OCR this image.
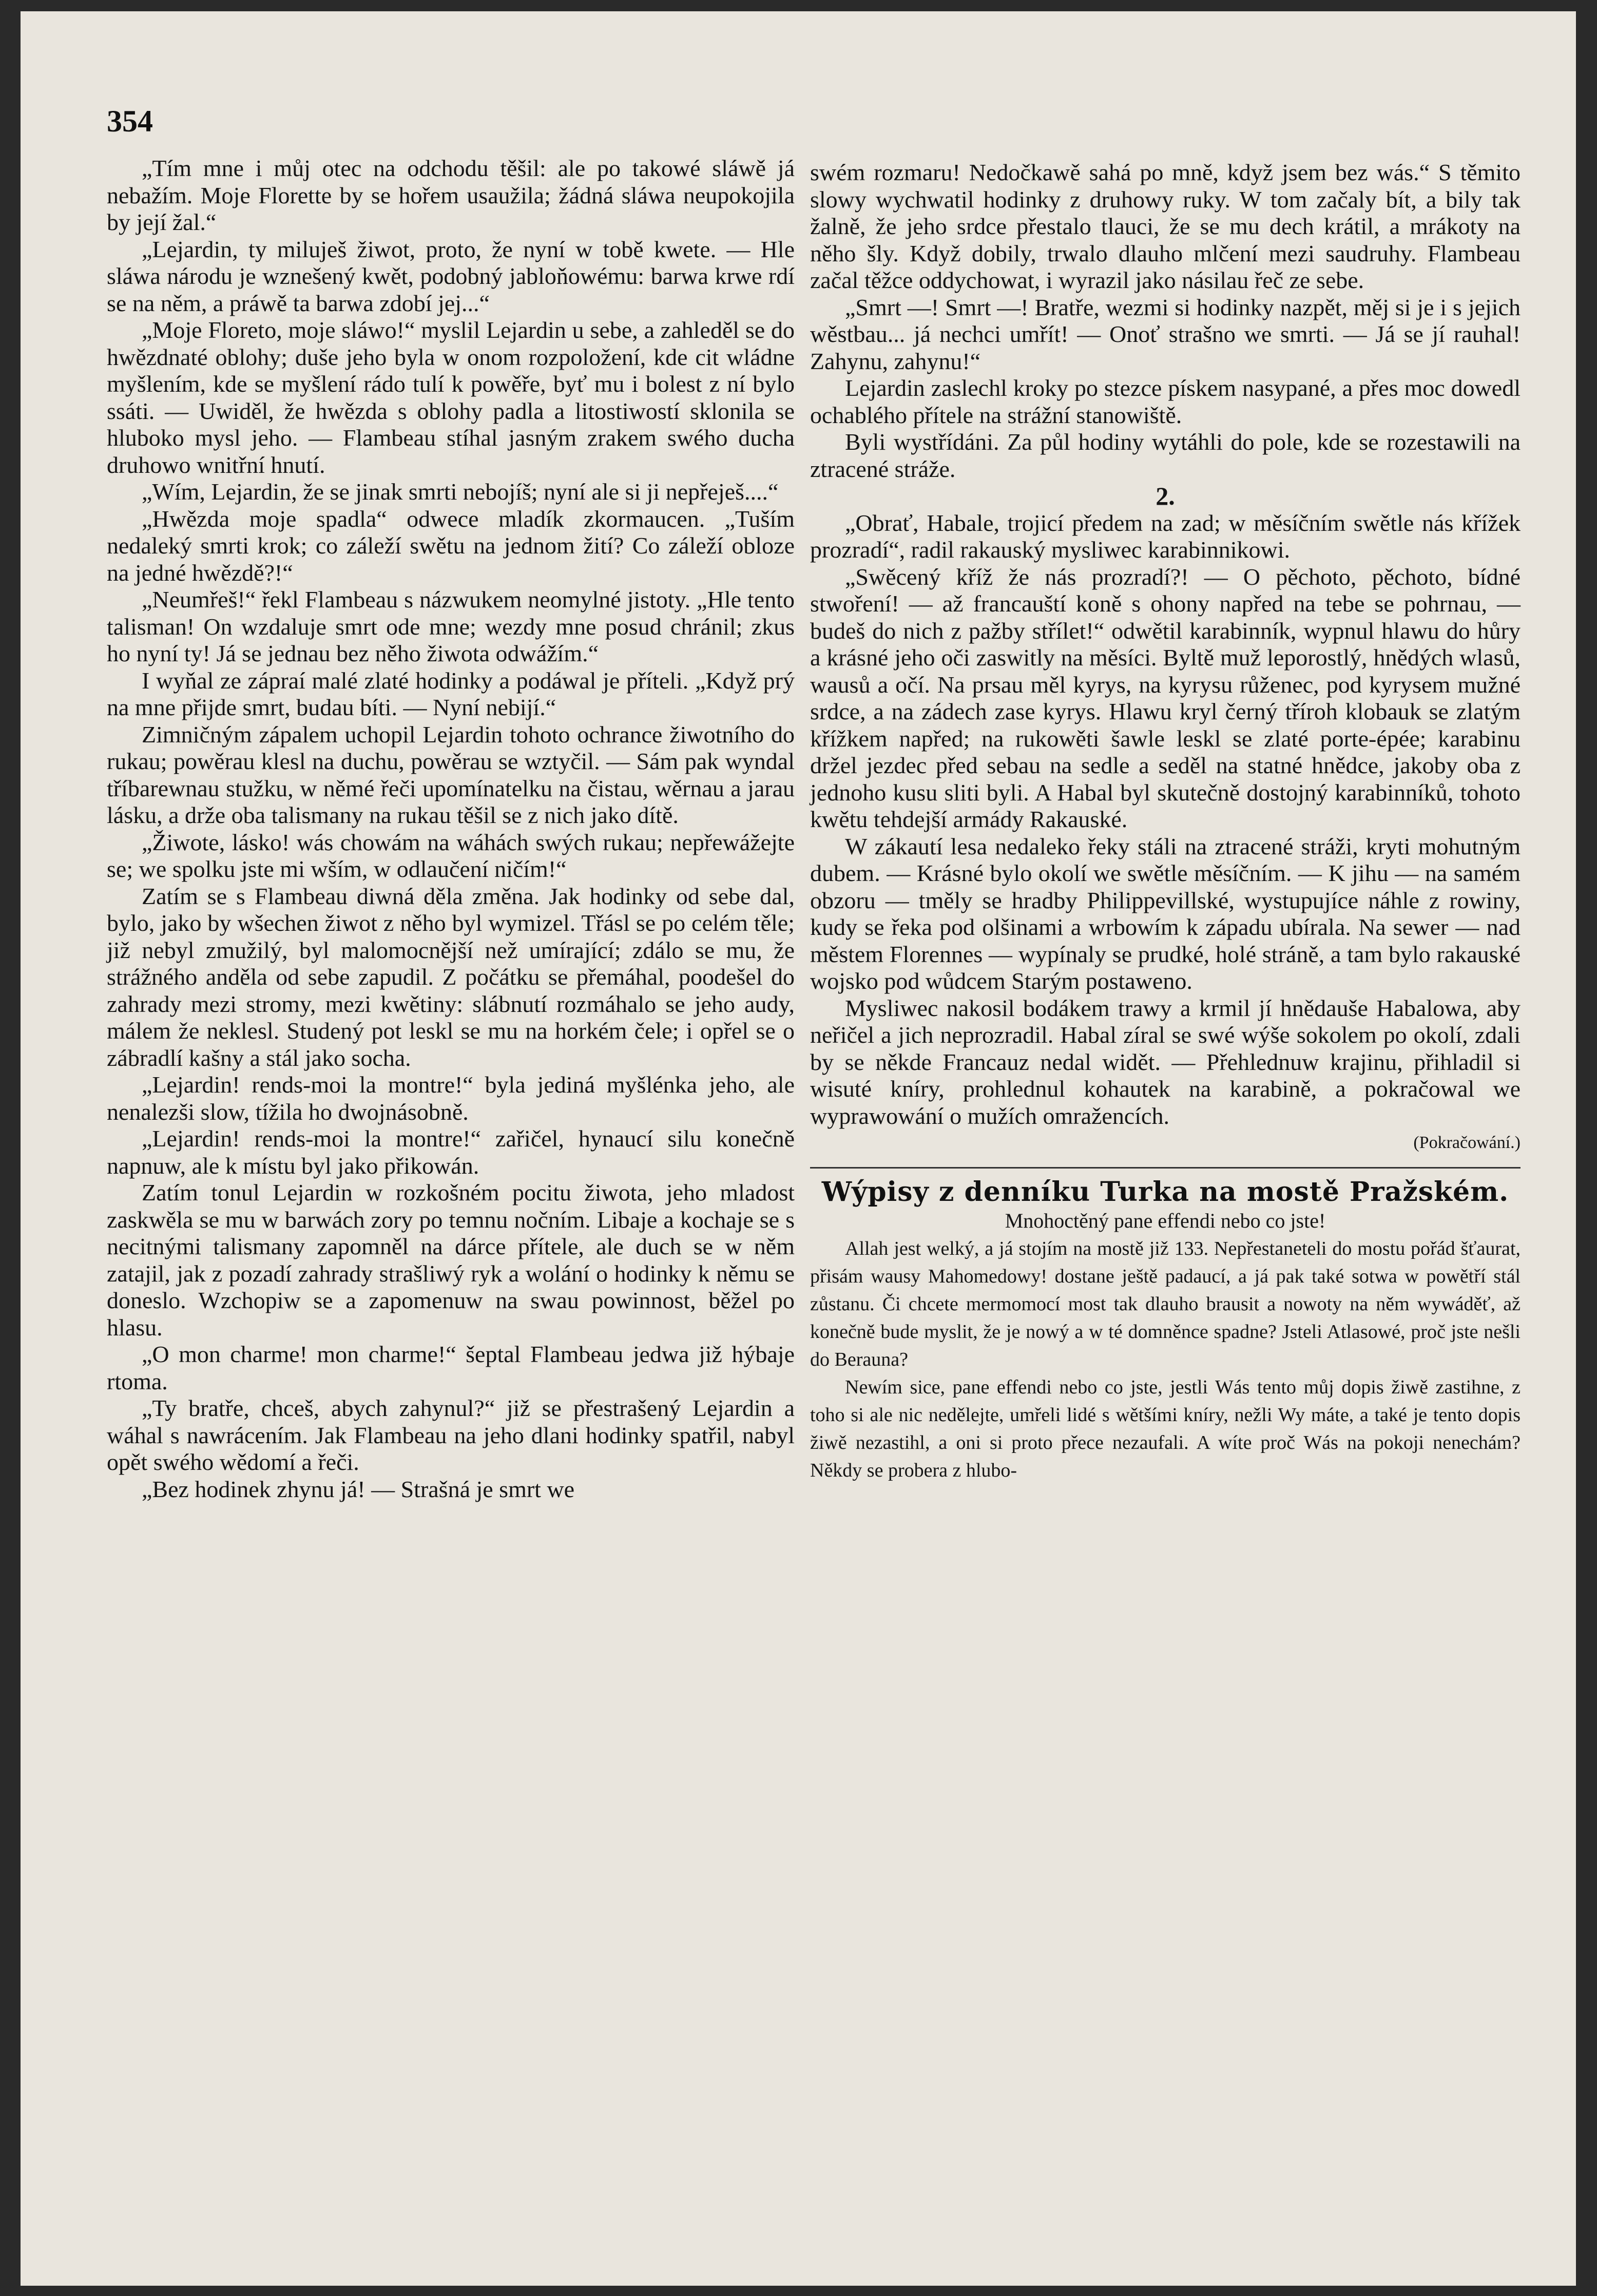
354

„Tím mne i můj otec na odchodu těšil: ale po takowé sláwě já nebažím. Moje Florette by se hořem usaužila; žádná sláwa neupokojila by její žal.“

„Lejardin, ty miluješ žiwot, proto, že nyní w tobě kwete. — Hle sláwa národu je wznešený kwět, podobný jabloňowému: barwa krwe rdí se na něm, a práwě ta barwa zdobí jej...“

„Moje Floreto, moje sláwo!“ myslil Lejardin u sebe, a zahleděl se do hwězdnaté oblohy; duše jeho byla w onom rozpoložení, kde cit wládne myšlením, kde se myšlení rádo tulí k powěře, byť mu i bolest z ní bylo ssáti. — Uwiděl, že hwězda s oblohy padla a litostiwostí sklonila se hluboko mysl jeho. — Flambeau stíhal jasným zrakem swého ducha druhowo wnitřní hnutí.

„Wím, Lejardin, že se jinak smrti nebojíš; nyní ale si ji nepřeješ....“

„Hwězda moje spadla“ odwece mladík zkormaucen. „Tuším nedaleký smrti krok; co záleží swětu na jednom žití? Co záleží obloze na jedné hwězdě?!“

„Neumřeš!“ řekl Flambeau s názwukem neomylné jistoty. „Hle tento talisman! On wzdaluje smrt ode mne; wezdy mne posud chránil; zkus ho nyní ty! Já se jednau bez něho žiwota odwážím.“

I wyňal ze zápraí malé zlaté hodinky a podáwal je příteli. „Když prý na mne přijde smrt, budau bíti. — Nyní nebijí.“

Zimničným zápalem uchopil Lejardin tohoto ochrance žiwotního do rukau; powěrau klesl na duchu, powěrau se wztyčil. — Sám pak wyndal tříbarewnau stužku, w němé řeči upomínatelku na čistau, wěrnau a jarau lásku, a drže oba talismany na rukau těšil se z nich jako dítě.

„Žiwote, lásko! wás chowám na wáhách swých rukau; nepřewážejte se; we spolku jste mi wším, w odlaučení ničím!“

Zatím se s Flambeau diwná děla změna. Jak hodinky od sebe dal, bylo, jako by wšechen žiwot z něho byl wymizel. Třásl se po celém těle; již nebyl zmužilý, byl malomocnější než umírající; zdálo se mu, že strážného anděla od sebe zapudil. Z počátku se přemáhal, poodešel do zahrady mezi stromy, mezi kwětiny: slábnutí rozmáhalo se jeho audy, málem že neklesl. Studený pot leskl se mu na horkém čele; i opřel se o zábradlí kašny a stál jako socha.

„Lejardin! rends-moi la montre!“ byla jediná myšlénka jeho, ale nenalezši slow, tížila ho dwojnásobně.

„Lejardin! rends-moi la montre!“ zařičel, hynaucí silu konečně napnuw, ale k místu byl jako přikowán.

Zatím tonul Lejardin w rozkošném pocitu žiwota, jeho mladost zaskwěla se mu w barwách zory po temnu nočním. Libaje a kochaje se s necitnými talismany zapomněl na dárce přítele, ale duch se w něm zatajil, jak z pozadí zahrady strašliwý ryk a wolání o hodinky k němu se doneslo. Wzchopiw se a zapomenuw na swau powinnost, běžel po hlasu.

„O mon charme! mon charme!“ šeptal Flambeau jedwa již hýbaje rtoma.

„Ty bratře, chceš, abych zahynul?“ již se přestrašený Lejardin a wáhal s nawrácením. Jak Flambeau na jeho dlani hodinky spatřil, nabyl opět swého wědomí a řeči.

„Bez hodinek zhynu já! — Strašná je smrt we

swém rozmaru! Nedočkawě sahá po mně, když jsem bez wás.“ S těmito slowy wychwatil hodinky z druhowy ruky. W tom začaly bít, a bily tak žalně, že jeho srdce přestalo tlauci, že se mu dech krátil, a mrákoty na něho šly. Když dobily, trwalo dlauho mlčení mezi saudruhy. Flambeau začal těžce oddychowat, i wyrazil jako násilau řeč ze sebe.

„Smrt —! Smrt —! Bratře, wezmi si hodinky nazpět, měj si je i s jejich wěstbau... já nechci umřít! — Onoť strašno we smrti. — Já se jí rauhal! Zahynu, zahynu!“

Lejardin zaslechl kroky po stezce pískem nasypané, a přes moc dowedl ochablého přítele na strážní stanowiště.

Byli wystřídáni. Za půl hodiny wytáhli do pole, kde se rozestawili na ztracené stráže.

2.

„Obrať, Habale, trojicí předem na zad; w měsíčním swětle nás křížek prozradí“, radil rakauský mysliwec karabinnikowi.

„Swěcený kříž že nás prozradí?! — O pěchoto, pěchoto, bídné stwoření! — až francauští koně s ohony napřed na tebe se pohrnau, — budeš do nich z pažby střílet!“ odwětil karabinník, wypnul hlawu do hůry a krásné jeho oči zaswitly na měsíci. Byltě muž leporostlý, hnědých wlasů, wausů a očí. Na prsau měl kyrys, na kyrysu růženec, pod kyrysem mužné srdce, a na zádech zase kyrys. Hlawu kryl černý tříroh klobauk se zlatým křížkem napřed; na rukowěti šawle leskl se zlaté porte-épée; karabinu držel jezdec před sebau na sedle a seděl na statné hnědce, jakoby oba z jednoho kusu sliti byli. A Habal byl skutečně dostojný karabinníků, tohoto kwětu tehdejší armády Rakauské.

W zákautí lesa nedaleko řeky stáli na ztracené stráži, kryti mohutným dubem. — Krásné bylo okolí we swětle měsíčním. — K jihu — na samém obzoru — tměly se hradby Philippevillské, wystupujíce náhle z rowiny, kudy se řeka pod olšinami a wrbowím k západu ubírala. Na sewer — nad městem Florennes — wypínaly se prudké, holé stráně, a tam bylo rakauské wojsko pod wůdcem Starým postaweno.

Mysliwec nakosil bodákem trawy a krmil jí hnědauše Habalowa, aby neřičel a jich neprozradil. Habal zíral se swé wýše sokolem po okolí, zdali by se někde Francauz nedal widět. — Přehlednuw krajinu, přihladil si wisuté kníry, prohlednul kohautek na karabině, a pokračowal we wyprawowání o mužích omražencích.

(Pokračowání.)

Wýpisy z denníku Turka na mostě Pražském.

Mnohoctěný pane effendi nebo co jste!

Allah jest welký, a já stojím na mostě již 133. Nepřestaneteli do mostu pořád šťaurat, přisám wausy Mahomedowy! dostane ještě padaucí, a já pak také sotwa w powětří stál zůstanu. Či chcete mermomocí most tak dlauho brausit a nowoty na něm wywáděť, až konečně bude myslit, že je nowý a w té domněnce spadne? Jsteli Atlasowé, proč jste nešli do Berauna?

Newím sice, pane effendi nebo co jste, jestli Wás tento můj dopis žiwě zastihne, z toho si ale nic nedělejte, umřeli lidé s wětšími kníry, nežli Wy máte, a také je tento dopis žiwě nezastihl, a oni si proto přece nezaufali. A wíte proč Wás na pokoji nenechám? Někdy se probera z hlubo-
